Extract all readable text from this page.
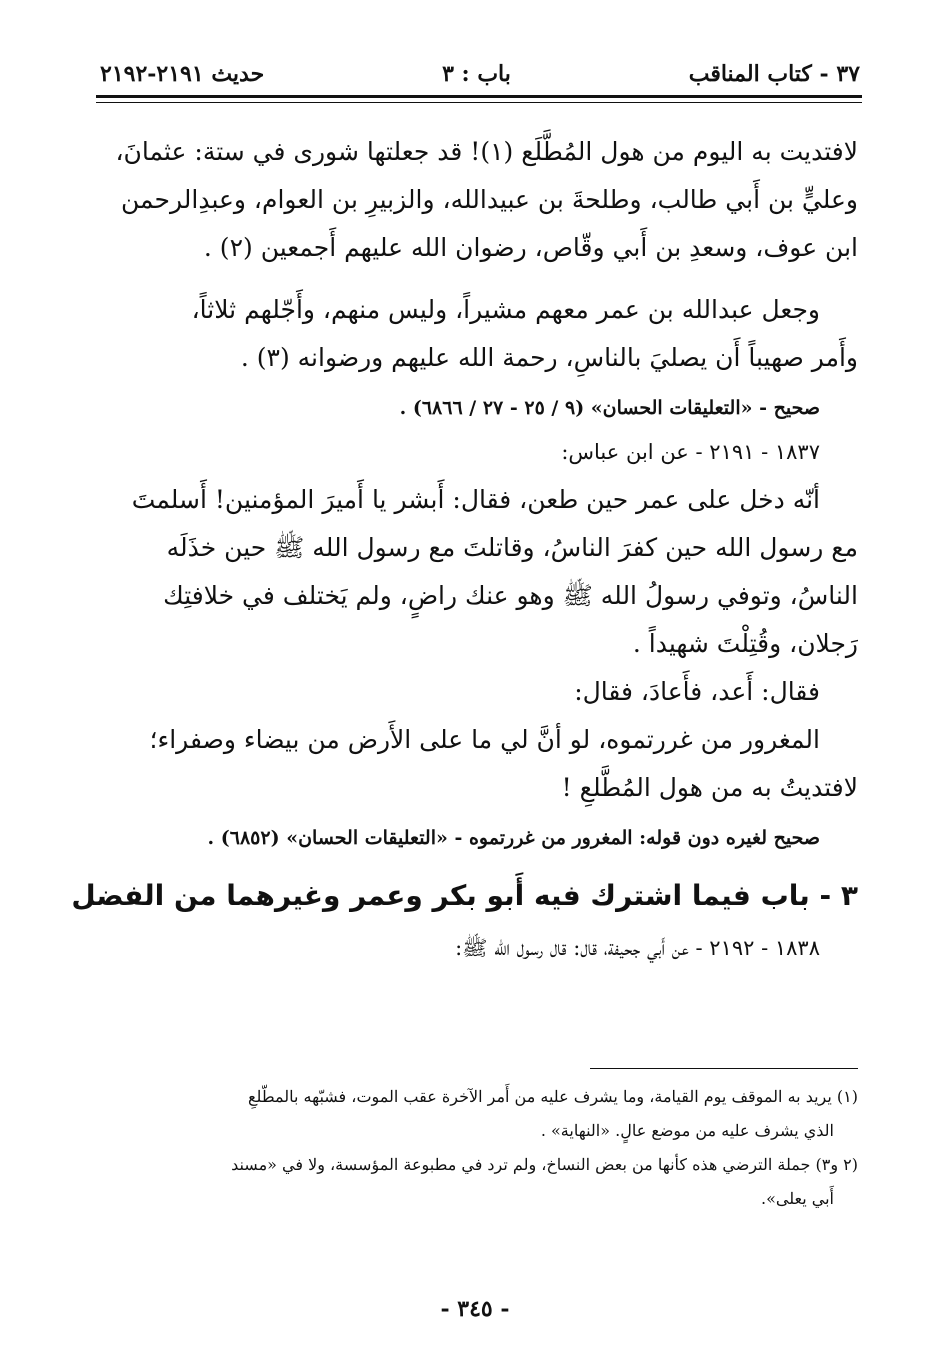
٣٧ - كتاب المناقب
باب : ٣
حديث ٢١٩١-٢١٩٢
لافتديت به اليوم من هول المُطَّلَع (١)! قد جعلتها شورى في ستة: عثمانَ،
وعليٍّ بن أَبي طالب، وطلحةَ بن عبيدالله، والزبيرِ بن العوام، وعبدِالرحمن
ابن عوف، وسعدِ بن أَبي وقّاص، رضوان الله عليهم أَجمعين (٢) .
وجعل عبدالله بن عمر معهم مشيراً، وليس منهم، وأَجّلهم ثلاثاً،
وأَمر صهيباً أَن يصليَ بالناسِ، رحمة الله عليهم ورضوانه (٣) .
صحيح - «التعليقات الحسان» (٩ / ٢٥ - ٢٧ / ٦٨٦٦) .
١٨٣٧ - ٢١٩١ - عن ابن عباس:
أنّه دخل على عمر حين طعن، فقال: أَبشر يا أَميرَ المؤمنين! أَسلمتَ
مع رسول الله حين كفرَ الناسُ، وقاتلتَ مع رسول الله ﷺ حين خذَلَه
الناسُ، وتوفي رسولُ الله ﷺ وهو عنك راضٍ، ولم يَختلف في خلافتِك
رَجلان، وقُتِلْتَ شهيداً .
فقال: أَعد، فأَعادَ، فقال:
المغرور من غررتموه، لو أنَّ لي ما على الأَرض من بيضاء وصفراء؛
لافتديتُ به من هول المُطَّلعِ !
صحيح لغيره دون قوله: المغرور من غررتموه - «التعليقات الحسان» (٦٨٥٢) .
٣ - باب فيما اشترك فيه أَبو بكر وعمر وغيرهما من الفضل
١٨٣٨ - ٢١٩٢ - عن أَبي جحيفة، قال: قال رسول الله ﷺ:
(١) يريد به الموقف يوم القيامة، وما يشرف عليه من أَمر الآخرة عقب الموت، فشبّهه بالمطّلعِ
الذي يشرف عليه من موضع عالٍ. «النهاية» .
(٢ و٣) جملة الترضي هذه كأنها من بعض النساخ، ولم ترد في مطبوعة المؤسسة، ولا في «مسند
أَبي يعلى».
- ٣٤٥ -
